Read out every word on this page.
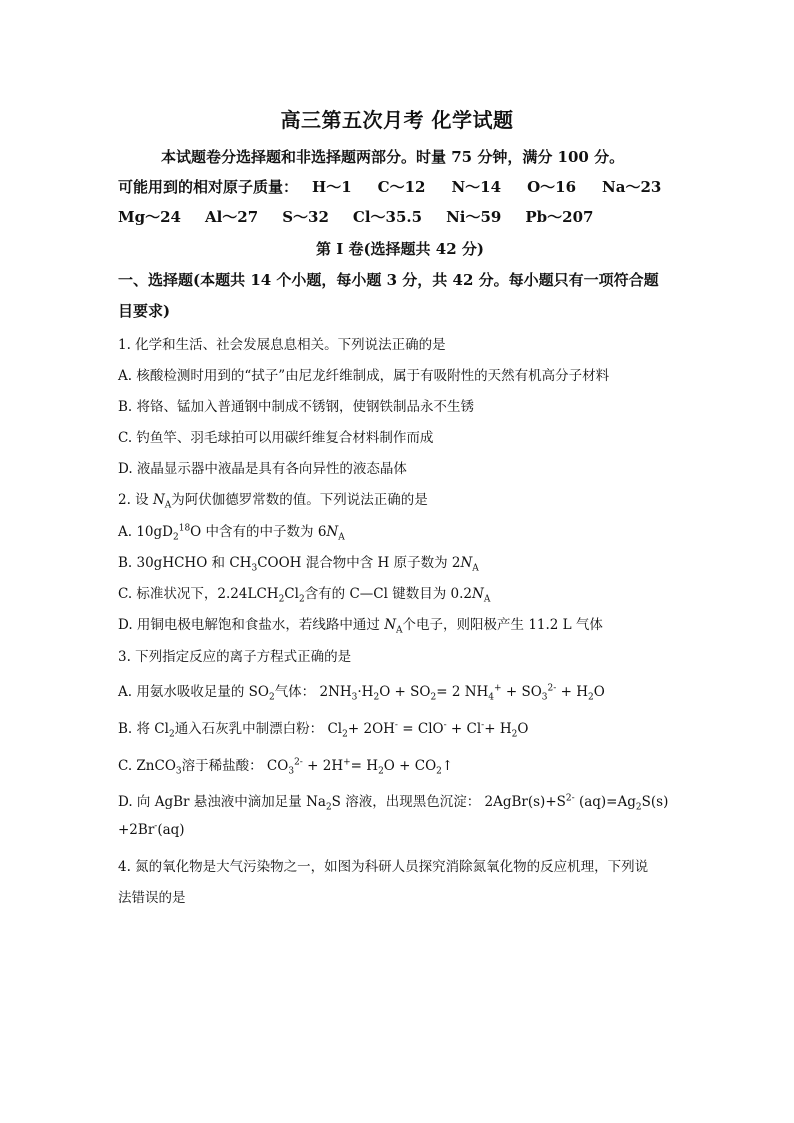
高三第五次月考 化学试题
本试题卷分选择题和非选择题两部分。时量 75 分钟，满分 100 分。
可能用到的相对原子质量： H～1 C～12 N～14 O～16 Na～23
Mg～24 Al～27 S～32 Cl～35.5 Ni～59 Pb～207
第 I 卷(选择题共 42 分)
一、选择题(本题共 14 个小题，每小题 3 分，共 42 分。每小题只有一项符合题
目要求)
1. 化学和生活、社会发展息息相关。下列说法正确的是
A. 核酸检测时用到的“拭子”由尼龙纤维制成，属于有吸附性的天然有机高分子材料
B. 将铬、锰加入普通钢中制成不锈钢，使钢铁制品永不生锈
C. 钓鱼竿、羽毛球拍可以用碳纤维复合材料制作而成
D. 液晶显示器中液晶是具有各向异性的液态晶体
2. 设 $N_A$为阿伏伽德罗常数的值。下列说法正确的是
A. $10gD_2^{18}O$ 中含有的中子数为 $6N_A$
B. 30gHCHO 和 $CH_3COOH$ 混合物中含 H 原子数为 $2N_A$
C. 标准状况下，$2.24LCH_2Cl_2$含有的 C—Cl 键数目为 $0.2N_A$
D. 用铜电极电解饱和食盐水，若线路中通过 $N_A$个电子，则阳极产生 11.2 L 气体
3. 下列指定反应的离子方程式正确的是
A. 用氨水吸收足量的 $SO_2$气体： $2NH_3\cdot H_2O + SO_2= 2$ $NH_4^+ + SO_3^{2-} + H_2O$
B. 将 $Cl_2$通入石灰乳中制漂白粉： $Cl_2+ 2OH^- = ClO^- + Cl^-+ H_2O$
C. ZnCO$_3$溶于稀盐酸： $CO_3^{2-} + 2H^+= H_2O$ + $CO_2↑$
D. 向 AgBr 悬浊液中滴加足量 $Na_2S$ 溶液，出现黑色沉淀： $2AgBr(s)+S^{2-}$ $(aq)=Ag_2S(s)$
+2Br-(aq)
4. 氮的氧化物是大气污染物之一，如图为科研人员探究消除氮氧化物的反应机理，下列说
法错误的是
